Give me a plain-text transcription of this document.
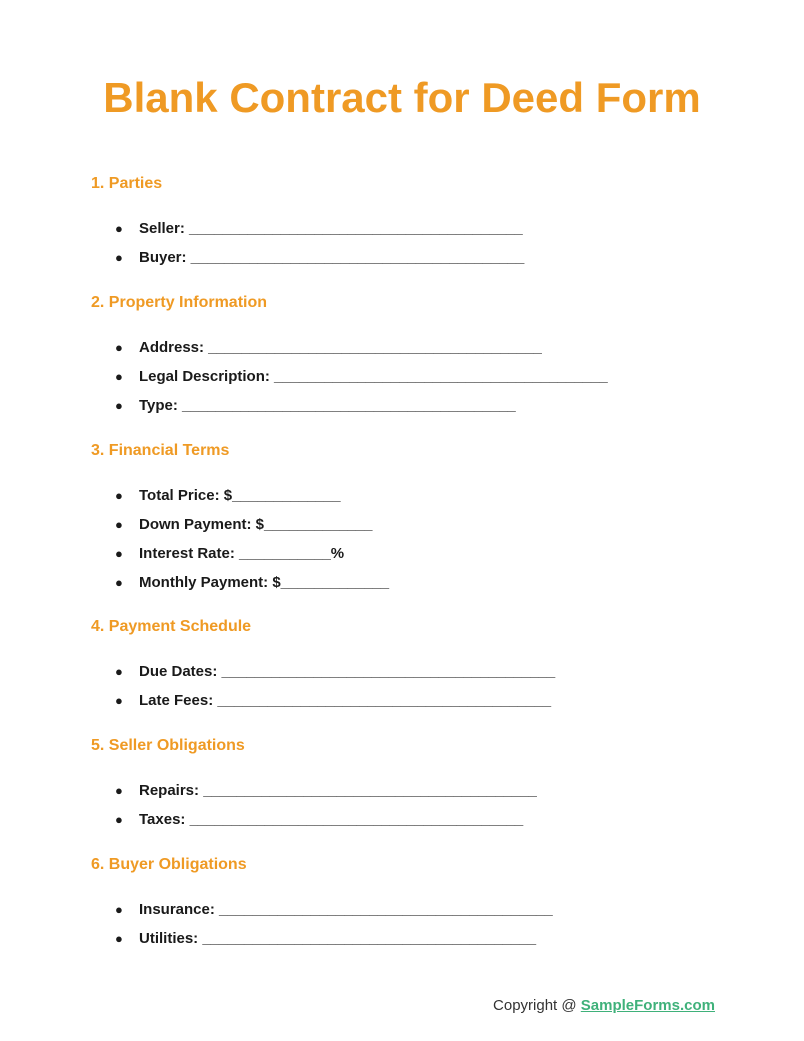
Blank Contract for Deed Form
1. Parties
● Seller: ________________________________________
● Buyer: ________________________________________
2. Property Information
● Address: ________________________________________
● Legal Description: ________________________________________
● Type: ________________________________________
3. Financial Terms
● Total Price: $_____________
● Down Payment: $_____________
● Interest Rate: ___________%
● Monthly Payment: $_____________
4. Payment Schedule
● Due Dates: ________________________________________
● Late Fees: ________________________________________
5. Seller Obligations
● Repairs: ________________________________________
● Taxes: ________________________________________
6. Buyer Obligations
● Insurance: ________________________________________
● Utilities: ________________________________________
Copyright @ SampleForms.com
